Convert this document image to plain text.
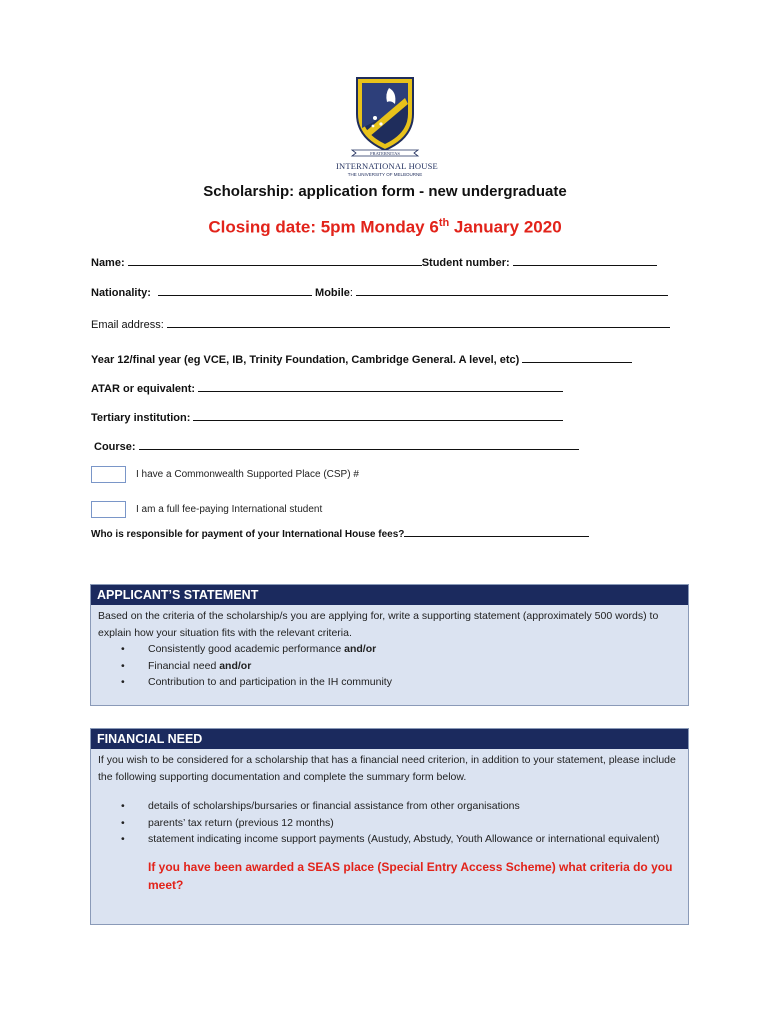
FRATERNITAS
INTERNATIONAL HOUSE
THE UNIVERSITY OF MELBOURNE
Scholarship: application form - new undergraduate
Closing date: 5pm Monday 6th January 2020
Name:	Student number:
Nationality:	Mobile:
Email address:
Year 12/final year (eg VCE, IB, Trinity Foundation, Cambridge General. A level, etc)
ATAR or equivalent:
Tertiary institution:
Course:
I have a Commonwealth Supported Place (CSP) #
I am a full fee-paying International student
Who is responsible for payment of your International House fees?
APPLICANT’S STATEMENT

Based on the criteria of the scholarship/s you are applying for, write a supporting statement (approximately 500 words) to explain how your situation fits with the relevant criteria.

• Consistently good academic performance and/or
• Financial need and/or
• Contribution to and participation in the IH community
FINANCIAL NEED

If you wish to be considered for a scholarship that has a financial need criterion, in addition to your statement, please include the following supporting documentation and complete the summary form below.

• details of scholarships/bursaries or financial assistance from other organisations
• parents’ tax return (previous 12 months)
• statement indicating income support payments (Austudy, Abstudy, Youth Allowance or international equivalent)

If you have been awarded a SEAS place (Special Entry Access Scheme) what criteria do you meet?
